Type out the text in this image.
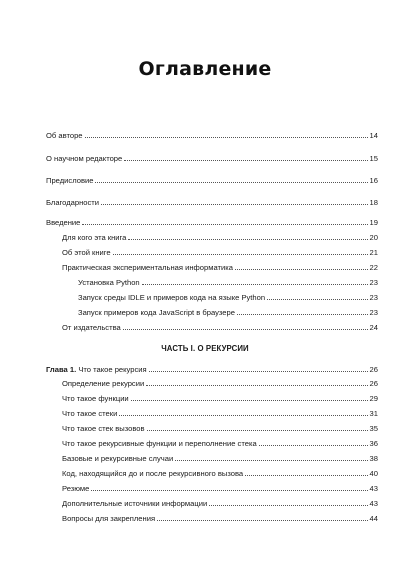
Оглавление
Об авторе	14
О научном редакторе	15
Предисловие	16
Благодарности	18
Введение	19
Для кого эта книга	20
Об этой книге	21
Практическая экспериментальная информатика	22
Установка Python	23
Запуск среды IDLE и примеров кода на языке Python	23
Запуск примеров кода JavaScript в браузере	23
От издательства	24
ЧАСТЬ I. О РЕКУРСИИ
Глава 1. Что такое рекурсия	26
Определение рекурсии	26
Что такое функции	29
Что такое стеки	31
Что такое стек вызовов	35
Что такое рекурсивные функции и переполнение стека	36
Базовые и рекурсивные случаи	38
Код, находящийся до и после рекурсивного вызова	40
Резюме	43
Дополнительные источники информации	43
Вопросы для закрепления	44
